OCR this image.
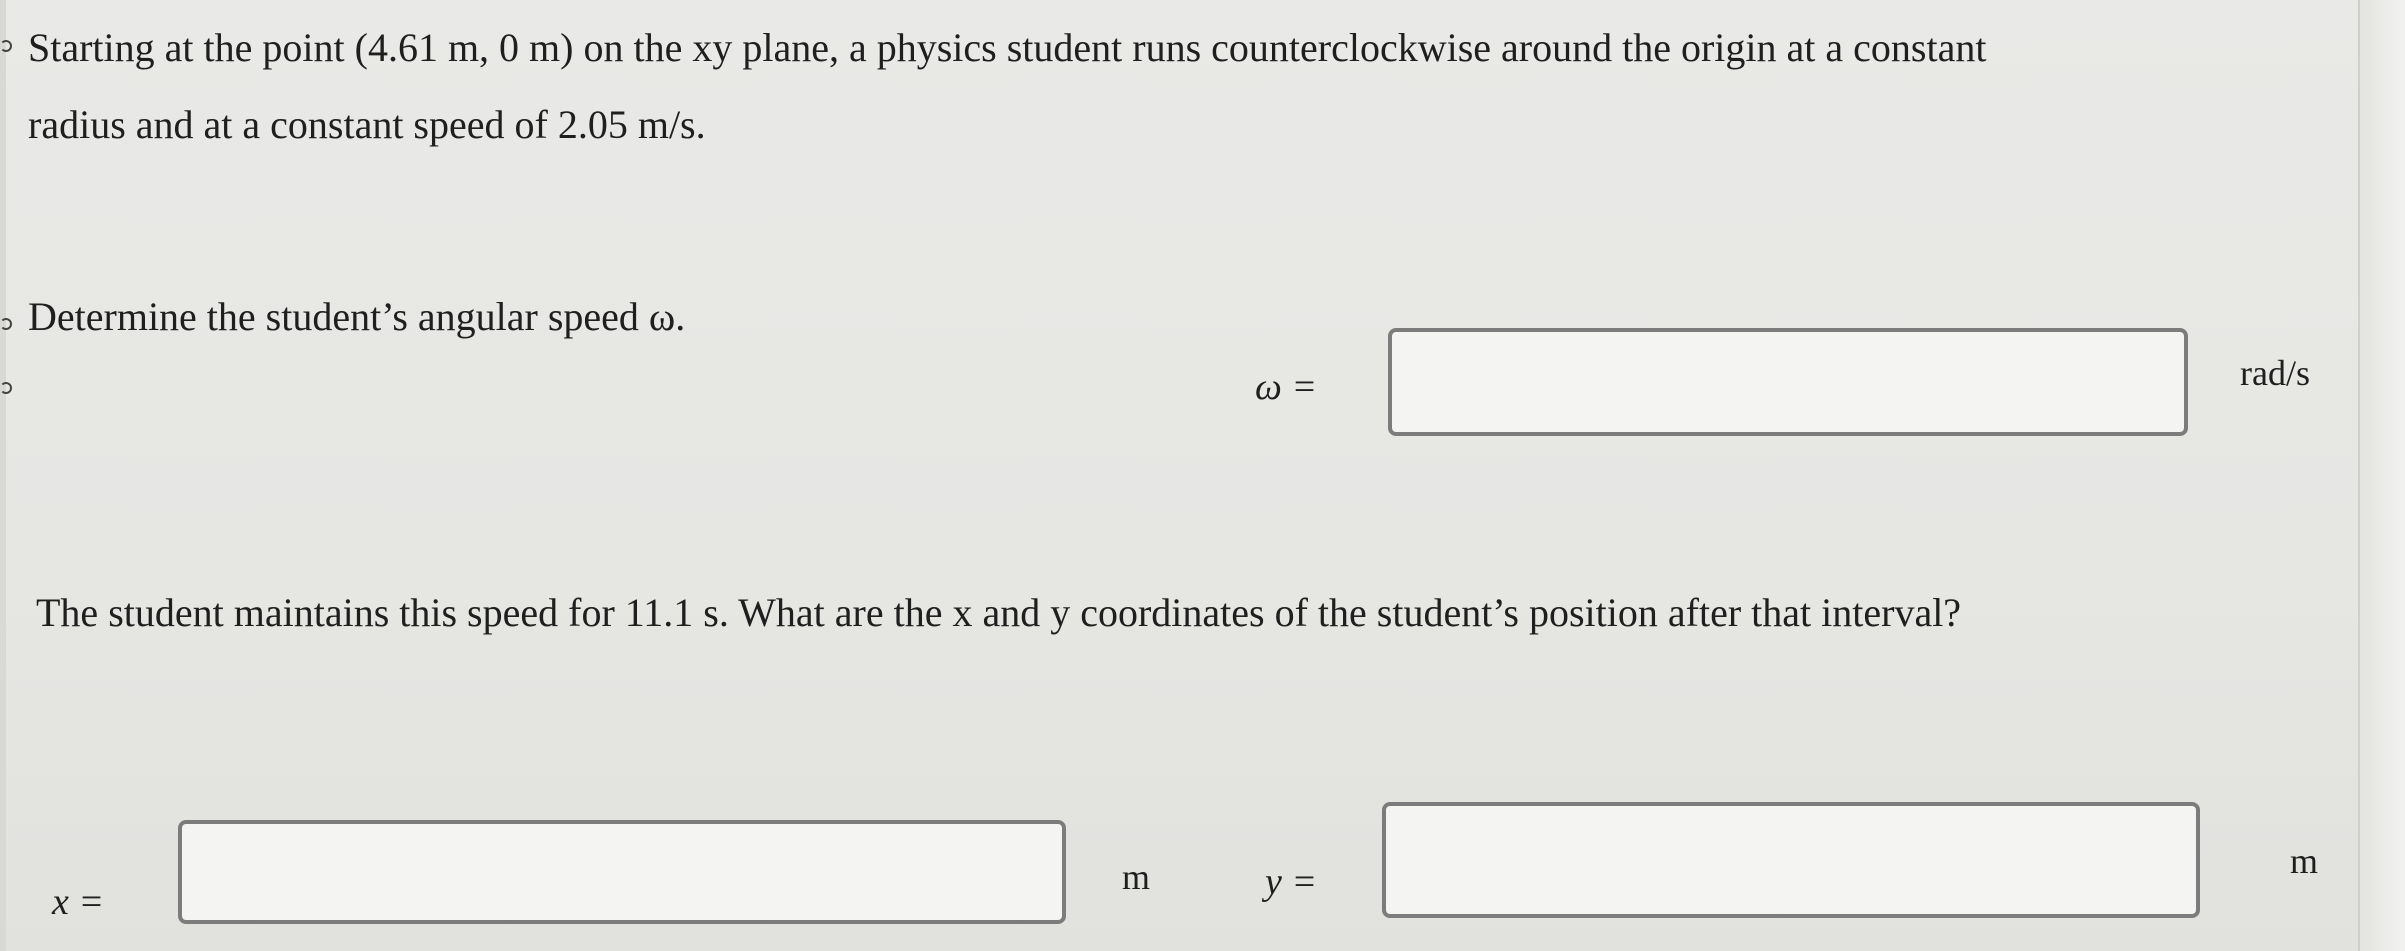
Starting at the point (4.61 m, 0 m) on the xy plane, a physics student runs counterclockwise around the origin at a constant
radius and at a constant speed of 2.05 m/s.
Determine the student’s angular speed ω.
ω =	rad/s
The student maintains this speed for 11.1 s. What are the x and y coordinates of the student’s position after that interval?
x =
m	y =	m
